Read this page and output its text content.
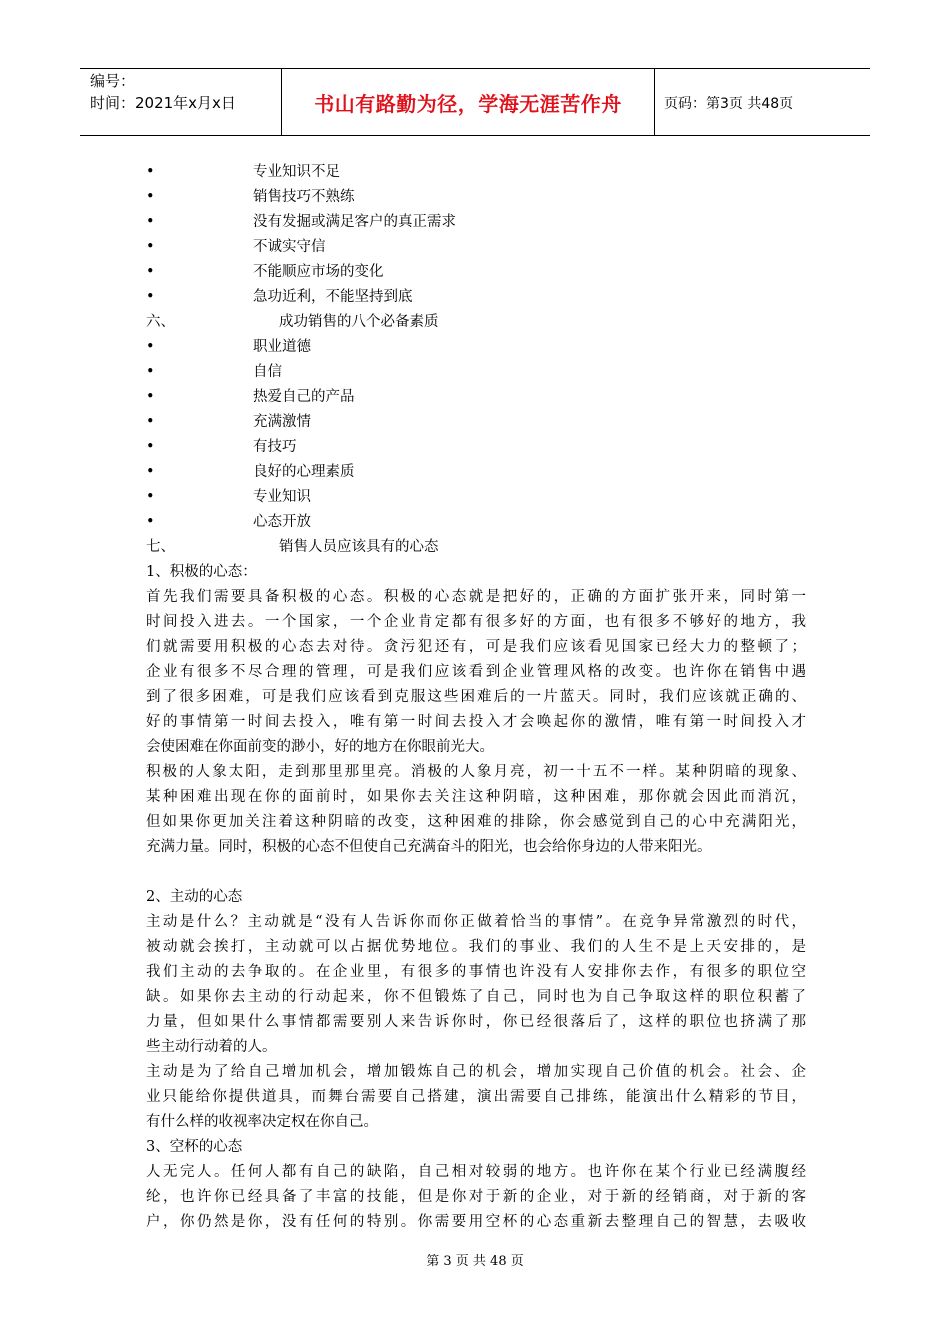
编号：
时间：2021年x月x日	书山有路勤为径，学海无涯苦作舟	页码：第3页 共48页
•	专业知识不足
•	销售技巧不熟练
•	没有发掘或满足客户的真正需求
•	不诚实守信
•	不能顺应市场的变化
•	急功近利，不能坚持到底
六、	成功销售的八个必备素质
•	职业道德
•	自信
•	热爱自己的产品
•	充满激情
•	有技巧
•	良好的心理素质
•	专业知识
•	心态开放
七、	销售人员应该具有的心态
1、积极的心态：
首先我们需要具备积极的心态。积极的心态就是把好的，正确的方面扩张开来，同时第一
时间投入进去。一个国家，一个企业肯定都有很多好的方面，也有很多不够好的地方，我
们就需要用积极的心态去对待。贪污犯还有，可是我们应该看见国家已经大力的整顿了；
企业有很多不尽合理的管理，可是我们应该看到企业管理风格的改变。也许你在销售中遇
到了很多困难，可是我们应该看到克服这些困难后的一片蓝天。同时，我们应该就正确的、
好的事情第一时间去投入，唯有第一时间去投入才会唤起你的激情，唯有第一时间投入才
会使困难在你面前变的渺小，好的地方在你眼前光大。
积极的人象太阳，走到那里那里亮。消极的人象月亮，初一十五不一样。某种阴暗的现象、
某种困难出现在你的面前时，如果你去关注这种阴暗，这种困难，那你就会因此而消沉，
但如果你更加关注着这种阴暗的改变，这种困难的排除，你会感觉到自己的心中充满阳光，
充满力量。同时，积极的心态不但使自己充满奋斗的阳光，也会给你身边的人带来阳光。
2、主动的心态
主动是什么？主动就是“没有人告诉你而你正做着恰当的事情”。在竞争异常激烈的时代，
被动就会挨打，主动就可以占据优势地位。我们的事业、我们的人生不是上天安排的，是
我们主动的去争取的。在企业里，有很多的事情也许没有人安排你去作，有很多的职位空
缺。如果你去主动的行动起来，你不但锻炼了自己，同时也为自己争取这样的职位积蓄了
力量，但如果什么事情都需要别人来告诉你时，你已经很落后了，这样的职位也挤满了那
些主动行动着的人。
主动是为了给自己增加机会，增加锻炼自己的机会，增加实现自己价值的机会。社会、企
业只能给你提供道具，而舞台需要自己搭建，演出需要自己排练，能演出什么精彩的节目，
有什么样的收视率决定权在你自己。
3、空杯的心态
人无完人。任何人都有自己的缺陷，自己相对较弱的地方。也许你在某个行业已经满腹经
纶，也许你已经具备了丰富的技能，但是你对于新的企业，对于新的经销商，对于新的客
户，你仍然是你，没有任何的特别。你需要用空杯的心态重新去整理自己的智慧，去吸收
第 3 页 共 48 页
